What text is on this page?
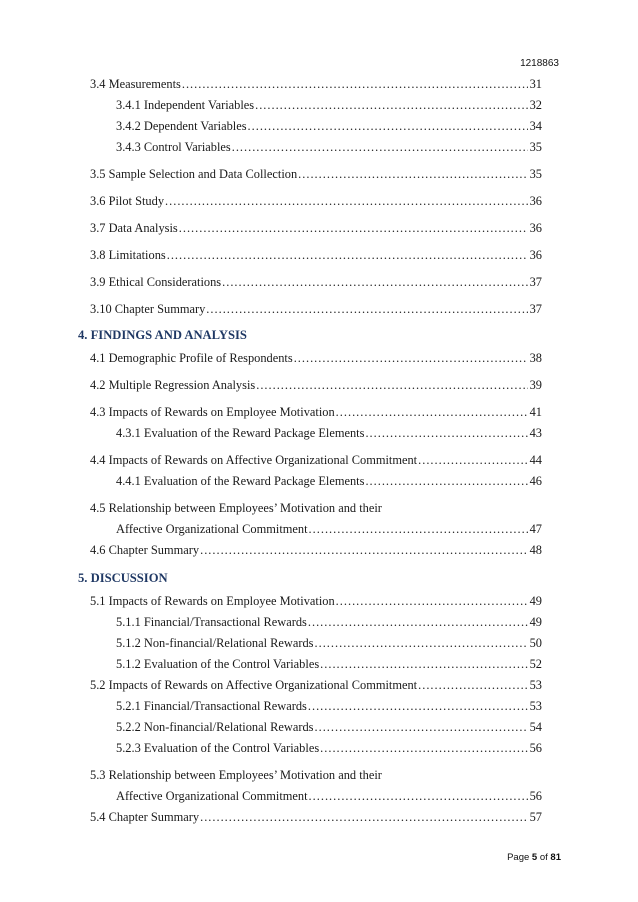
1218863
3.4 Measurements .....	31
3.4.1 Independent Variables .....	32
3.4.2 Dependent Variables .....	34
3.4.3 Control Variables .....	35
3.5 Sample Selection and Data Collection .....	35
3.6 Pilot Study .....	36
3.7 Data Analysis .....	36
3.8 Limitations .....	36
3.9 Ethical Considerations .....	37
3.10 Chapter Summary .....	37
4. FINDINGS AND ANALYSIS
4.1 Demographic Profile of Respondents .....	38
4.2 Multiple Regression Analysis .....	39
4.3 Impacts of Rewards on Employee Motivation .....	41
4.3.1 Evaluation of the Reward Package Elements .....	43
4.4 Impacts of Rewards on Affective Organizational Commitment .....	44
4.4.1 Evaluation of the Reward Package Elements .....	46
4.5 Relationship between Employees’ Motivation and their
Affective Organizational Commitment .....	47
4.6 Chapter Summary .....	48
5. DISCUSSION
5.1 Impacts of Rewards on Employee Motivation .....	49
5.1.1 Financial/Transactional Rewards .....	49
5.1.2 Non-financial/Relational Rewards .....	50
5.1.2 Evaluation of the Control Variables .....	52
5.2 Impacts of Rewards on Affective Organizational Commitment .....	53
5.2.1 Financial/Transactional Rewards .....	53
5.2.2 Non-financial/Relational Rewards .....	54
5.2.3 Evaluation of the Control Variables .....	56
5.3 Relationship between Employees’ Motivation and their
Affective Organizational Commitment .....	56
5.4 Chapter Summary .....	57
Page 5 of 81
